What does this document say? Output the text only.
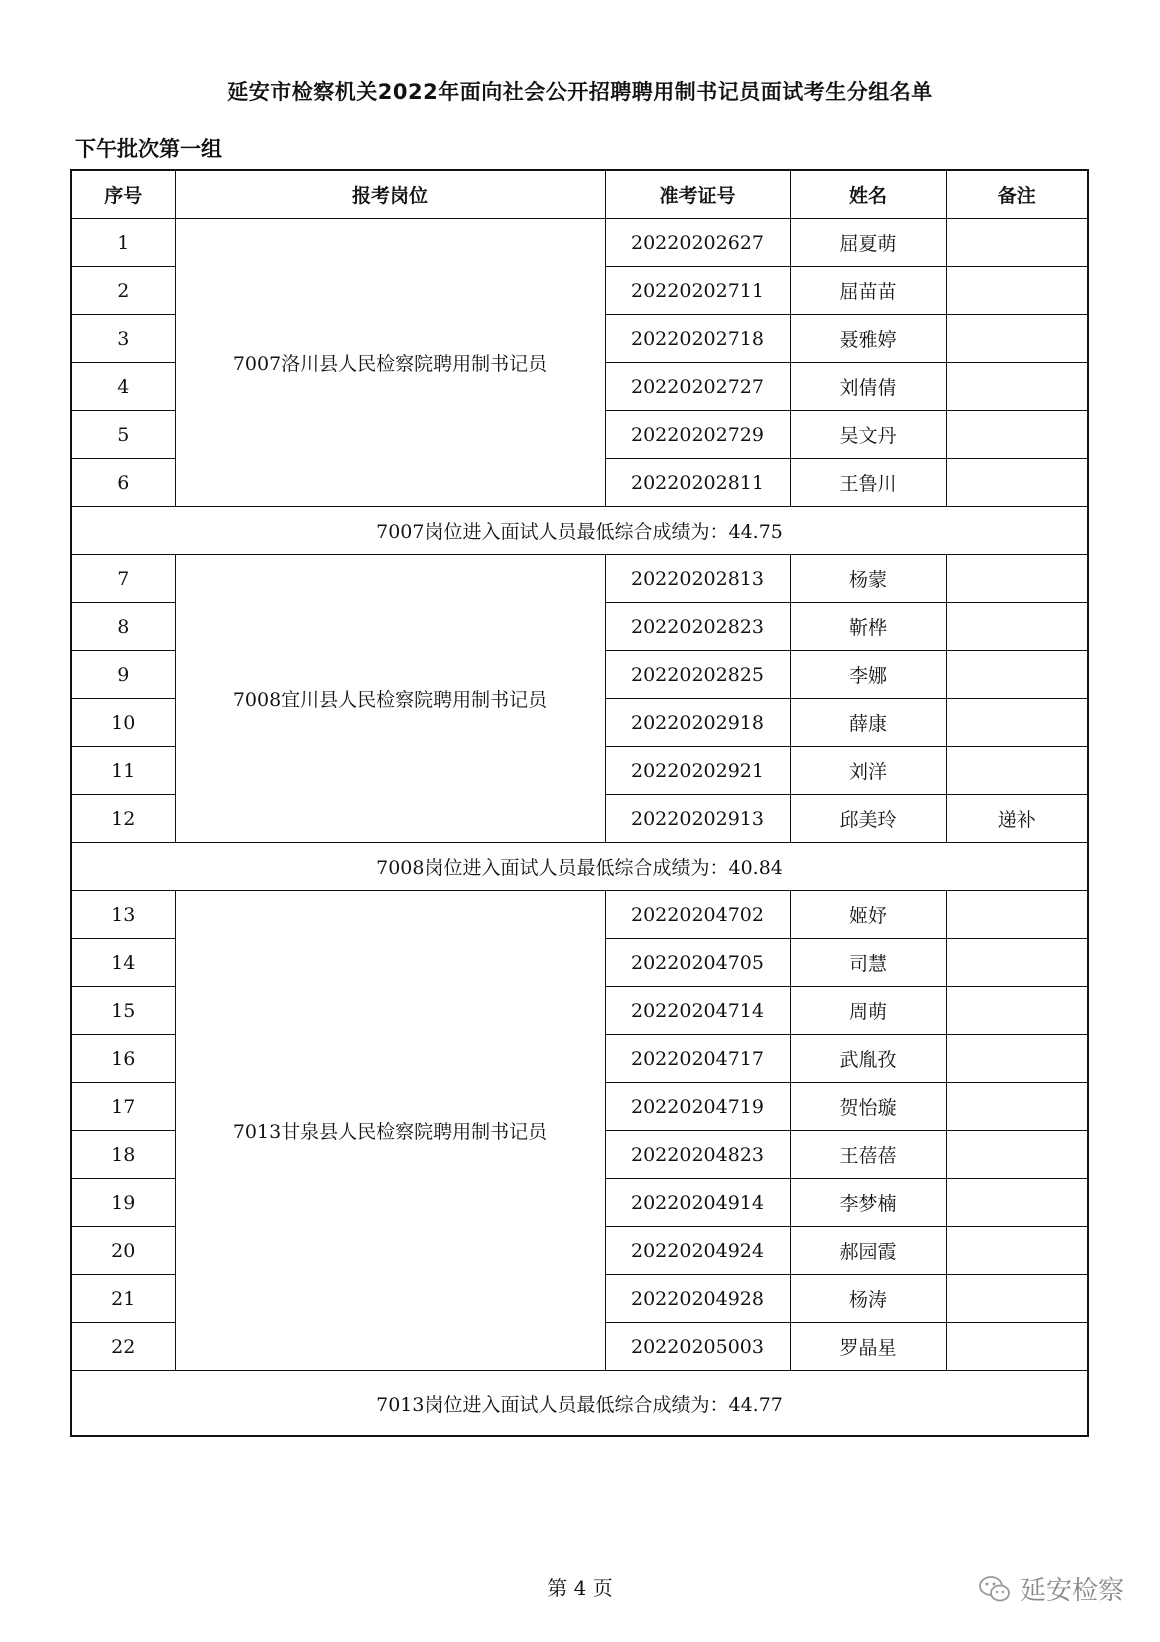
延安市检察机关2022年面向社会公开招聘聘用制书记员面试考生分组名单
下午批次第一组
序号	报考岗位	准考证号	姓名	备注
1	7007洛川县人民检察院聘用制书记员	20220202627	屈夏萌	
2		20220202711	屈苗苗	
3		20220202718	聂雅婷	
4		20220202727	刘倩倩	
5		20220202729	吴文丹	
6		20220202811	王鲁川	
7007岗位进入面试人员最低综合成绩为：44.75				
7	7008宜川县人民检察院聘用制书记员	20220202813	杨蒙	
8		20220202823	靳桦	
9		20220202825	李娜	
10		20220202918	薛康	
11		20220202921	刘洋	
12		20220202913	邱美玲	递补
7008岗位进入面试人员最低综合成绩为：40.84				
13	7013甘泉县人民检察院聘用制书记员	20220204702	姬妤	
14		20220204705	司慧	
15		20220204714	周萌	
16		20220204717	武胤孜	
17		20220204719	贺怡璇	
18		20220204823	王蓓蓓	
19		20220204914	李梦楠	
20		20220204924	郝园霞	
21		20220204928	杨涛	
22		20220205003	罗晶星	
7013岗位进入面试人员最低综合成绩为：44.77				
第 4 页	延安检察
